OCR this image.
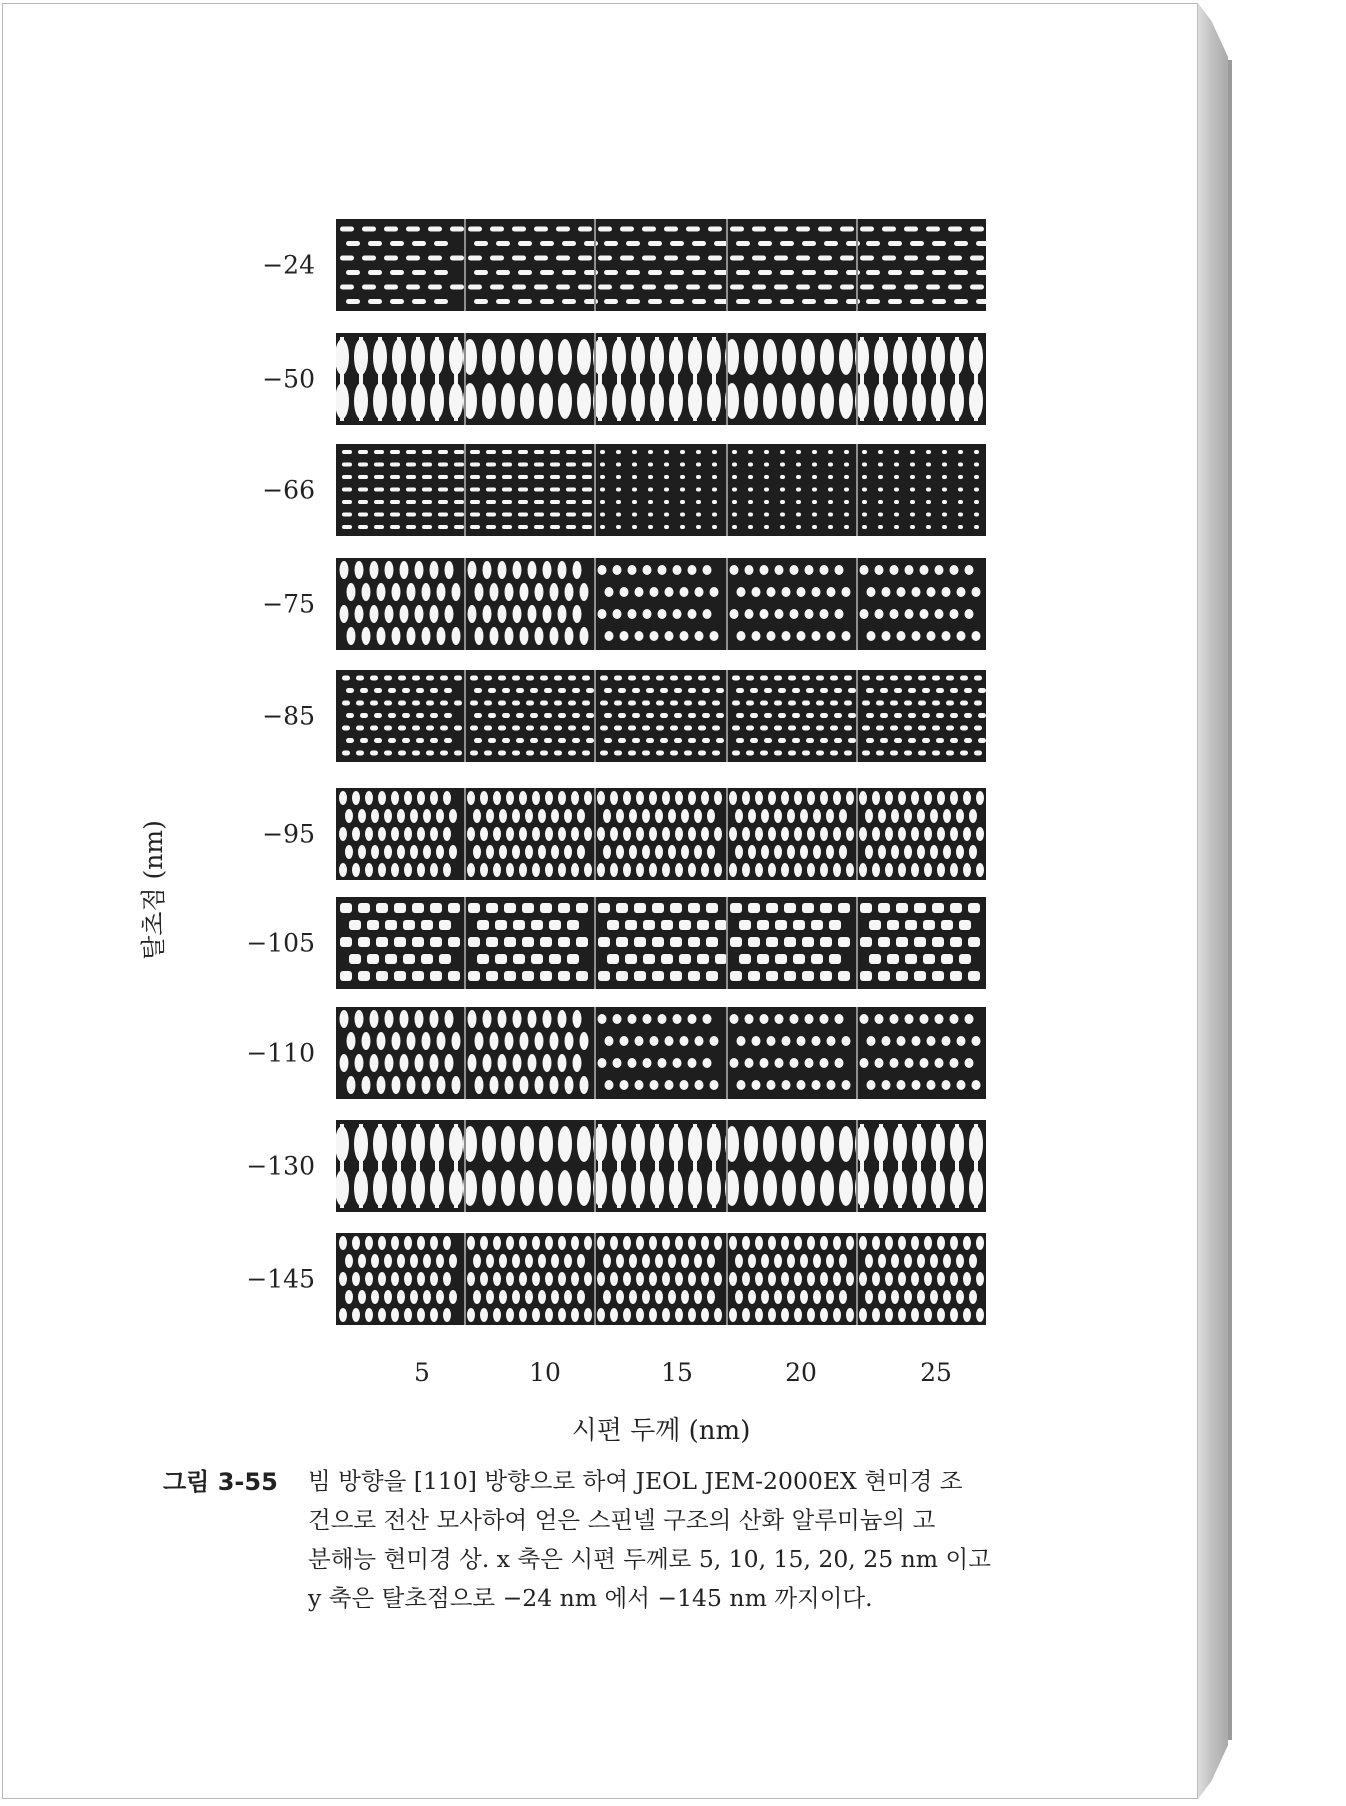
탈초점 (nm)
−24
−50
−66
−75
−85
−95
−105
−110
−130
−145
5	10	15	20	25
시편 두께 (nm)
그림 3-55 빔 방향을 [110] 방향으로 하여 JEOL JEM-2000EX 현미경 조
건으로 전산 모사하여 얻은 스핀넬 구조의 산화 알루미늄의 고
분해능 현미경 상. x 축은 시편 두께로 5, 10, 15, 20, 25 nm 이고
y 축은 탈초점으로 −24 nm 에서 −145 nm 까지이다.
